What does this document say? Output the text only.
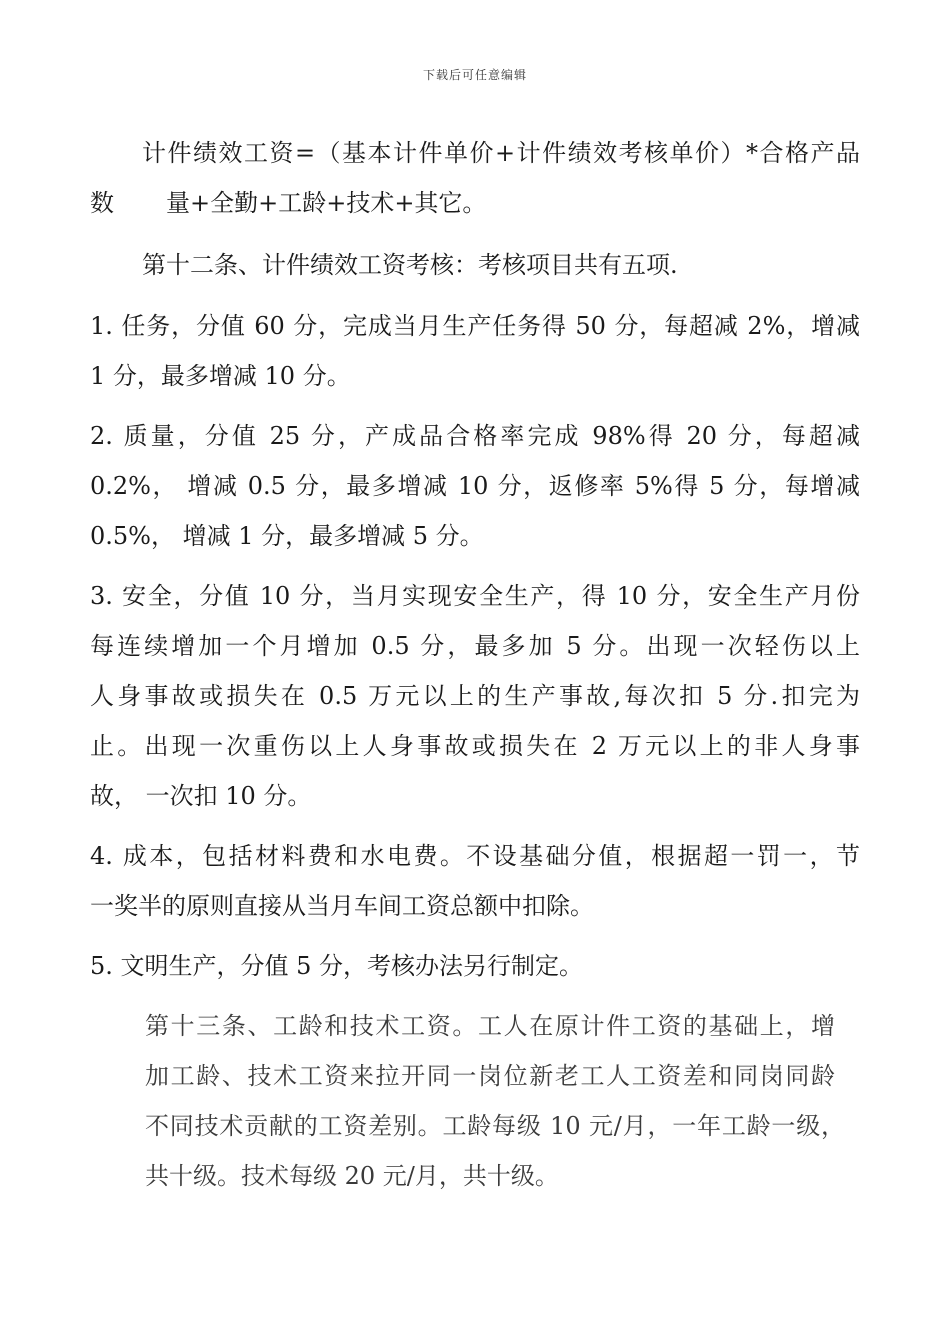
下载后可任意编辑
计件绩效工资=（基本计件单价+计件绩效考核单价）*合格产品
数 量+全勤+工龄+技术+其它。
第十二条、计件绩效工资考核：考核项目共有五项.
1. 任务，分值 60 分，完成当月生产任务得 50 分，每超减 2%，增减
1 分，最多增减 10 分。
2. 质量，分值 25 分，产成品合格率完成 98%得 20 分，每超减
0.2%， 增减 0.5 分，最多增减 10 分，返修率 5%得 5 分，每增减
0.5%， 增减 1 分，最多增减 5 分。
3. 安全，分值 10 分，当月实现安全生产，得 10 分，安全生产月份
每连续增加一个月增加 0.5 分，最多加 5 分。出现一次轻伤以上
人身事故或损失在 0.5 万元以上的生产事故,每次扣 5 分.扣完为
止。出现一次重伤以上人身事故或损失在 2 万元以上的非人身事
故， 一次扣 10 分。
4. 成本，包括材料费和水电费。不设基础分值，根据超一罚一，节
一奖半的原则直接从当月车间工资总额中扣除。
5. 文明生产，分值 5 分，考核办法另行制定。
第十三条、工龄和技术工资。工人在原计件工资的基础上，增
加工龄、技术工资来拉开同一岗位新老工人工资差和同岗同龄
不同技术贡献的工资差别。工龄每级 10 元/月，一年工龄一级，
共十级。技术每级 20 元/月，共十级。
